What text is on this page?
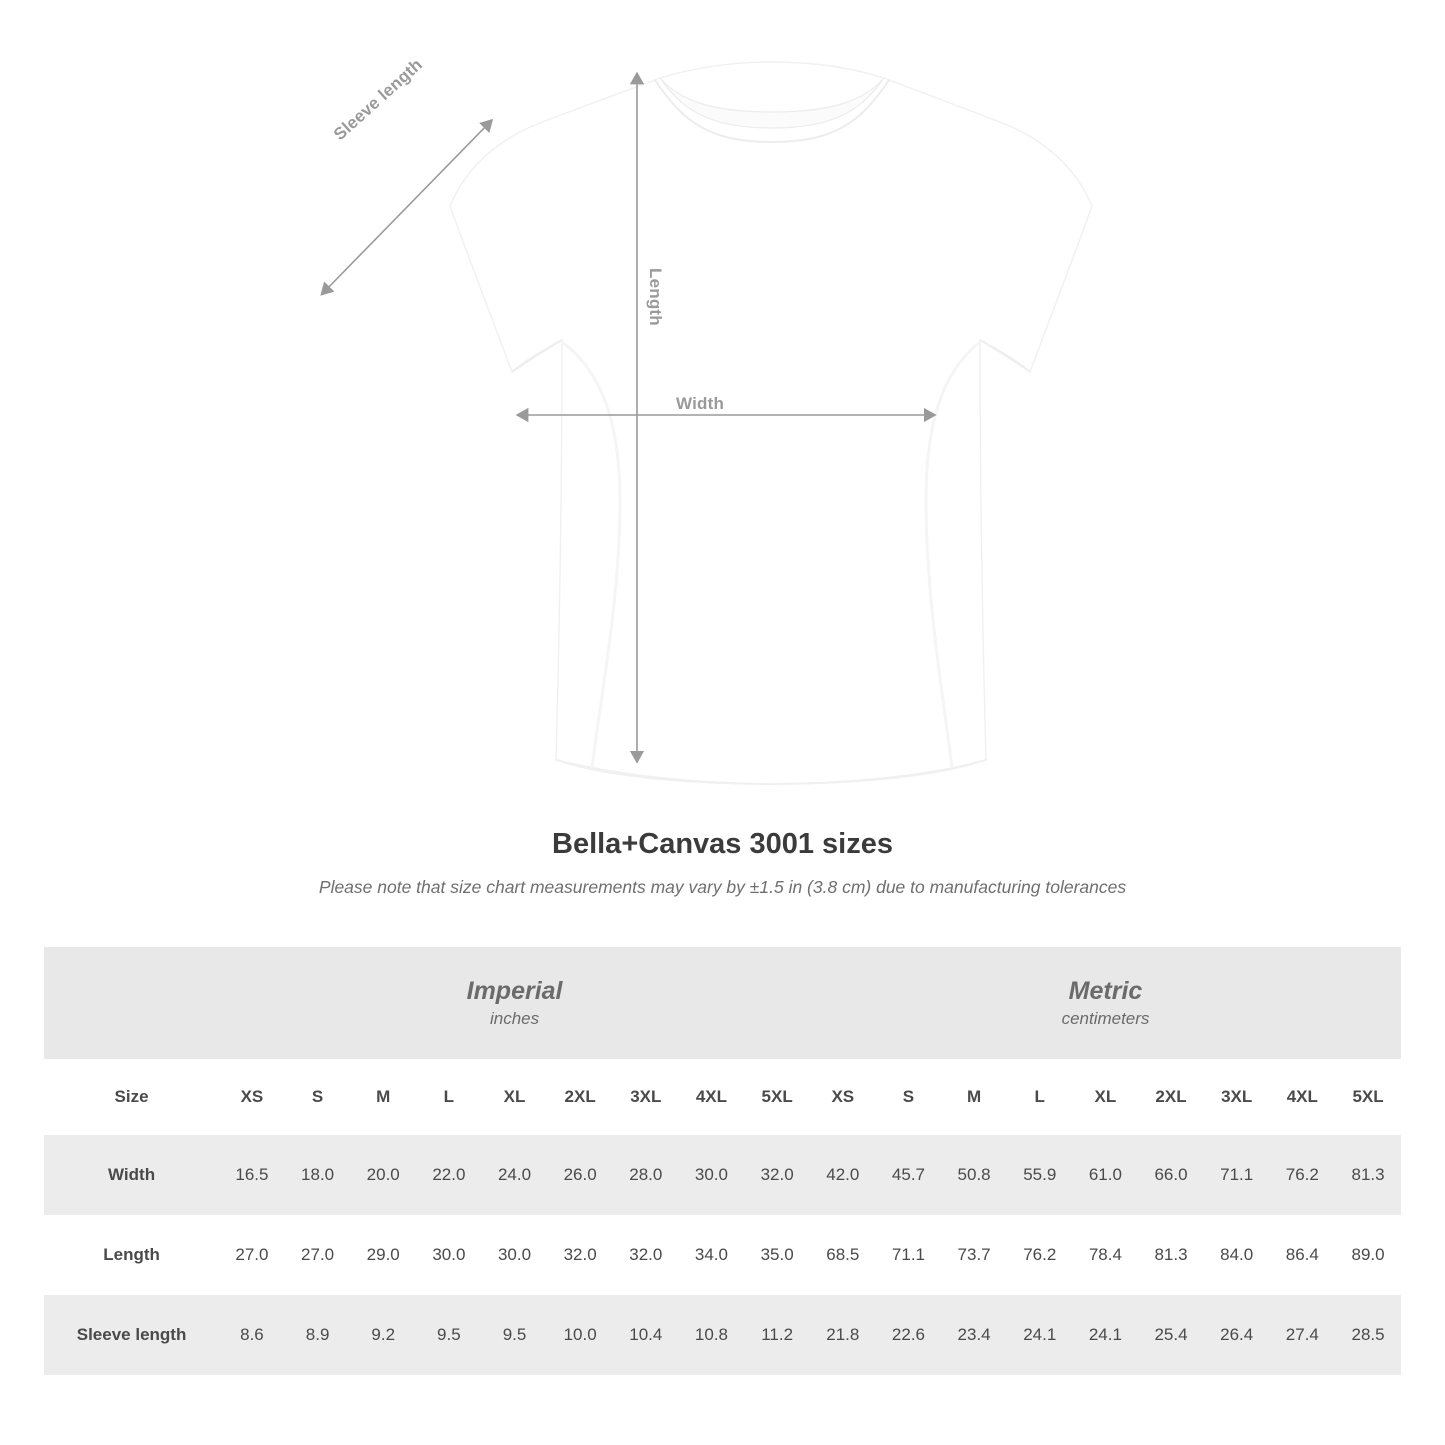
Length
Width
Sleeve length
Bella+Canvas 3001 sizes

Please note that size chart measurements may vary by ±1.5 in (3.8 cm) due to manufacturing tolerances

	Imperial
inches									Metric
centimeters								

Size	XS	S	M	L	XL	2XL	3XL	4XL	5XL	XS	S	M	L	XL	2XL	3XL	4XL	5XL
Width	16.5	18.0	20.0	22.0	24.0	26.0	28.0	30.0	32.0	42.0	45.7	50.8	55.9	61.0	66.0	71.1	76.2	81.3
Length	27.0	27.0	29.0	30.0	30.0	32.0	32.0	34.0	35.0	68.5	71.1	73.7	76.2	78.4	81.3	84.0	86.4	89.0
Sleeve length	8.6	8.9	9.2	9.5	9.5	10.0	10.4	10.8	11.2	21.8	22.6	23.4	24.1	24.1	25.4	26.4	27.4	28.5
